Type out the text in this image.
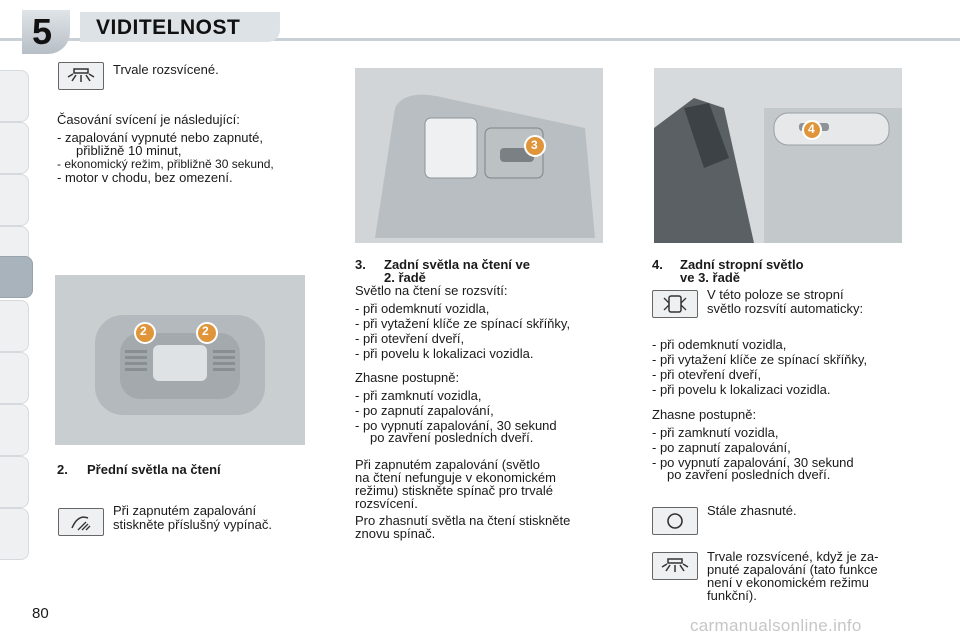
5	VIDITELNOST
Trvale rozsvícené.
Časování svícení je následující:
- zapalování vypnuté nebo zapnuté,
přibližně 10 minut,
- ekonomický režim, přibližně 30 sekund,
- motor v chodu, bez omezení.
2	2
2. Přední světla na čtení
Při zapnutém zapalování
stiskněte příslušný vypínač.
3
3. Zadní světla na čtení ve
2. řadě
Světlo na čtení se rozsvítí:
- při odemknutí vozidla,
- při vytažení klíče ze spínací skříňky,
- při otevření dveří,
- při povelu k lokalizaci vozidla.
Zhasne postupně:
- při zamknutí vozidla,
- po zapnutí zapalování,
- po vypnutí zapalování, 30 sekund
po zavření posledních dveří.
Při zapnutém zapalování (světlo
na čtení nefunguje v ekonomickém
režimu) stiskněte spínač pro trvalé
rozsvícení.
Pro zhasnutí světla na čtení stiskněte
znovu spínač.
4
4. Zadní stropní světlo
ve 3. řadě
V této poloze se stropní
světlo rozsvítí automaticky:
- při odemknutí vozidla,
- při vytažení klíče ze spínací skříňky,
- při otevření dveří,
- při povelu k lokalizaci vozidla.
Zhasne postupně:
- při zamknutí vozidla,
- po zapnutí zapalování,
- po vypnutí zapalování, 30 sekund
po zavření posledních dveří.
Stále zhasnuté.
Trvale rozsvícené, když je za-
pnuté zapalování (tato funkce
není v ekonomickém režimu
funkční).
80
carmanualsonline.info
